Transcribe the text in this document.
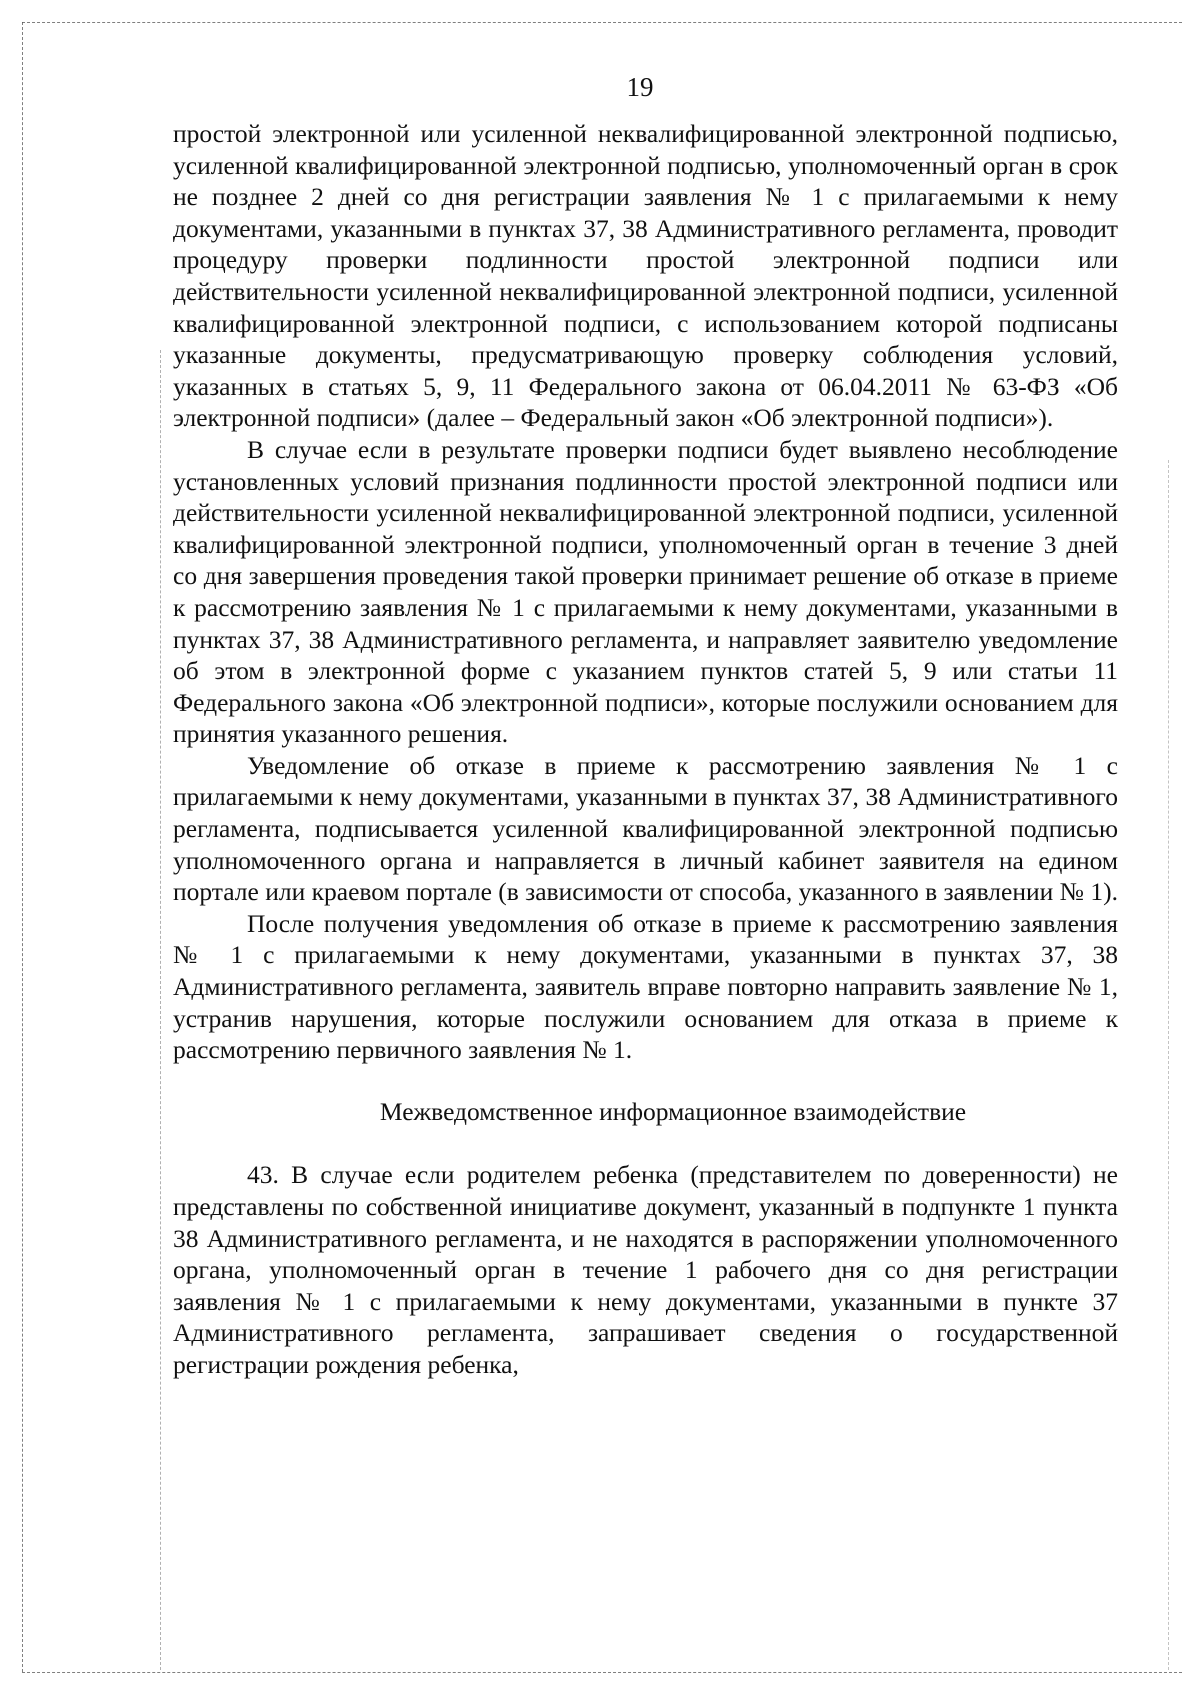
19

простой электронной или усиленной неквалифицированной электронной подписью, усиленной квалифицированной электронной подписью, уполномоченный орган в срок не позднее 2 дней со дня регистрации заявления № 1 с прилагаемыми к нему документами, указанными в пунктах 37, 38 Административного регламента, проводит процедуру проверки подлинности простой электронной подписи или действительности усиленной неквалифицированной электронной подписи, усиленной квалифицированной электронной подписи, с использованием которой подписаны указанные документы, предусматривающую проверку соблюдения условий, указанных в статьях 5, 9, 11 Федерального закона от 06.04.2011 № 63-ФЗ «Об электронной подписи» (далее – Федеральный закон «Об электронной подписи»).

В случае если в результате проверки подписи будет выявлено несоблюдение установленных условий признания подлинности простой электронной подписи или действительности усиленной неквалифицированной электронной подписи, усиленной квалифицированной электронной подписи, уполномоченный орган в течение 3 дней со дня завершения проведения такой проверки принимает решение об отказе в приеме к рассмотрению заявления № 1 с прилагаемыми к нему документами, указанными в пунктах 37, 38 Административного регламента, и направляет заявителю уведомление об этом в электронной форме с указанием пунктов статей 5, 9 или статьи 11 Федерального закона «Об электронной подписи», которые послужили основанием для принятия указанного решения.

Уведомление об отказе в приеме к рассмотрению заявления № 1 с прилагаемыми к нему документами, указанными в пунктах 37, 38 Административного регламента, подписывается усиленной квалифицированной электронной подписью уполномоченного органа и направляется в личный кабинет заявителя на едином портале или краевом портале (в зависимости от способа, указанного в заявлении № 1).

После получения уведомления об отказе в приеме к рассмотрению заявления № 1 с прилагаемыми к нему документами, указанными в пунктах 37, 38 Административного регламента, заявитель вправе повторно направить заявление № 1, устранив нарушения, которые послужили основанием для отказа в приеме к рассмотрению первичного заявления № 1.

Межведомственное информационное взаимодействие

43. В случае если родителем ребенка (представителем по доверенности) не представлены по собственной инициативе документ, указанный в подпункте 1 пункта 38 Административного регламента, и не находятся в распоряжении уполномоченного органа, уполномоченный орган в течение 1 рабочего дня со дня регистрации заявления № 1 с прилагаемыми к нему документами, указанными в пункте 37 Административного регламента, запрашивает сведения о государственной регистрации рождения ребенка,
